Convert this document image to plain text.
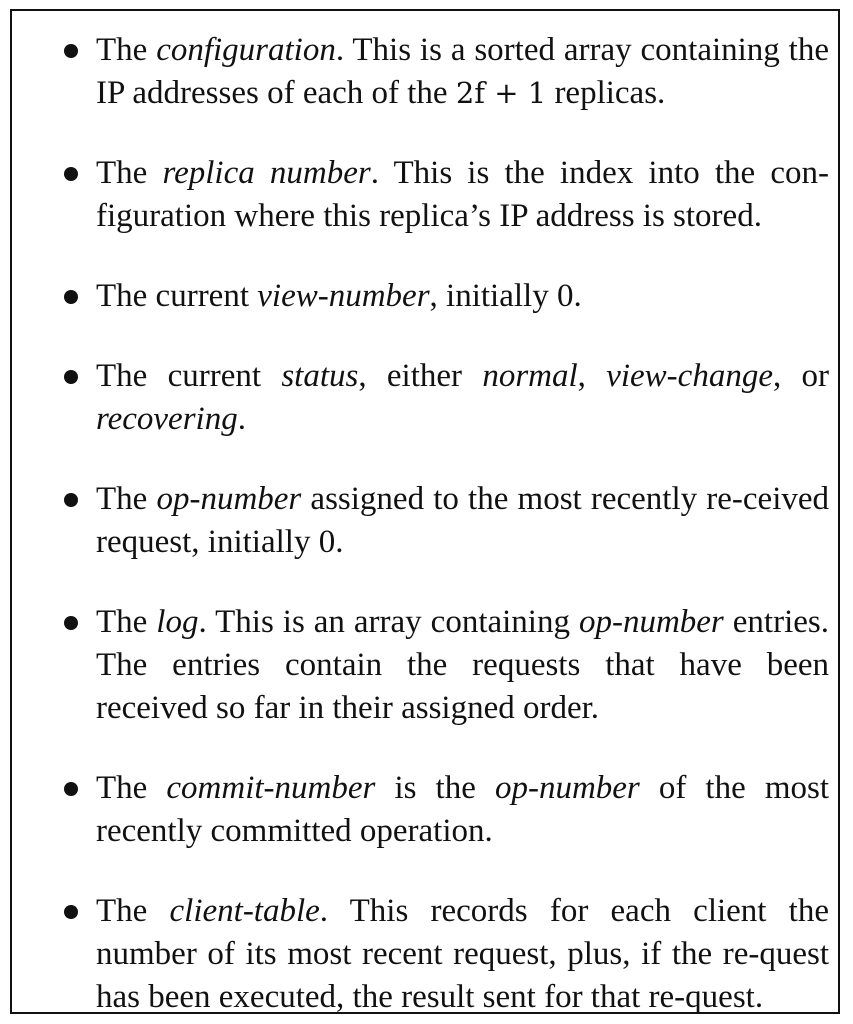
The configuration. This is a sorted array containing the IP addresses of each of the 2f + 1 replicas.
The replica number. This is the index into the con-figuration where this replica’s IP address is stored.
The current view-number, initially 0.
The current status, either normal, view-change, or recovering.
The op-number assigned to the most recently re-ceived request, initially 0.
The log. This is an array containing op-number entries. The entries contain the requests that have been received so far in their assigned order.
The commit-number is the op-number of the most recently committed operation.
The client-table. This records for each client the number of its most recent request, plus, if the re-quest has been executed, the result sent for that re-quest.
